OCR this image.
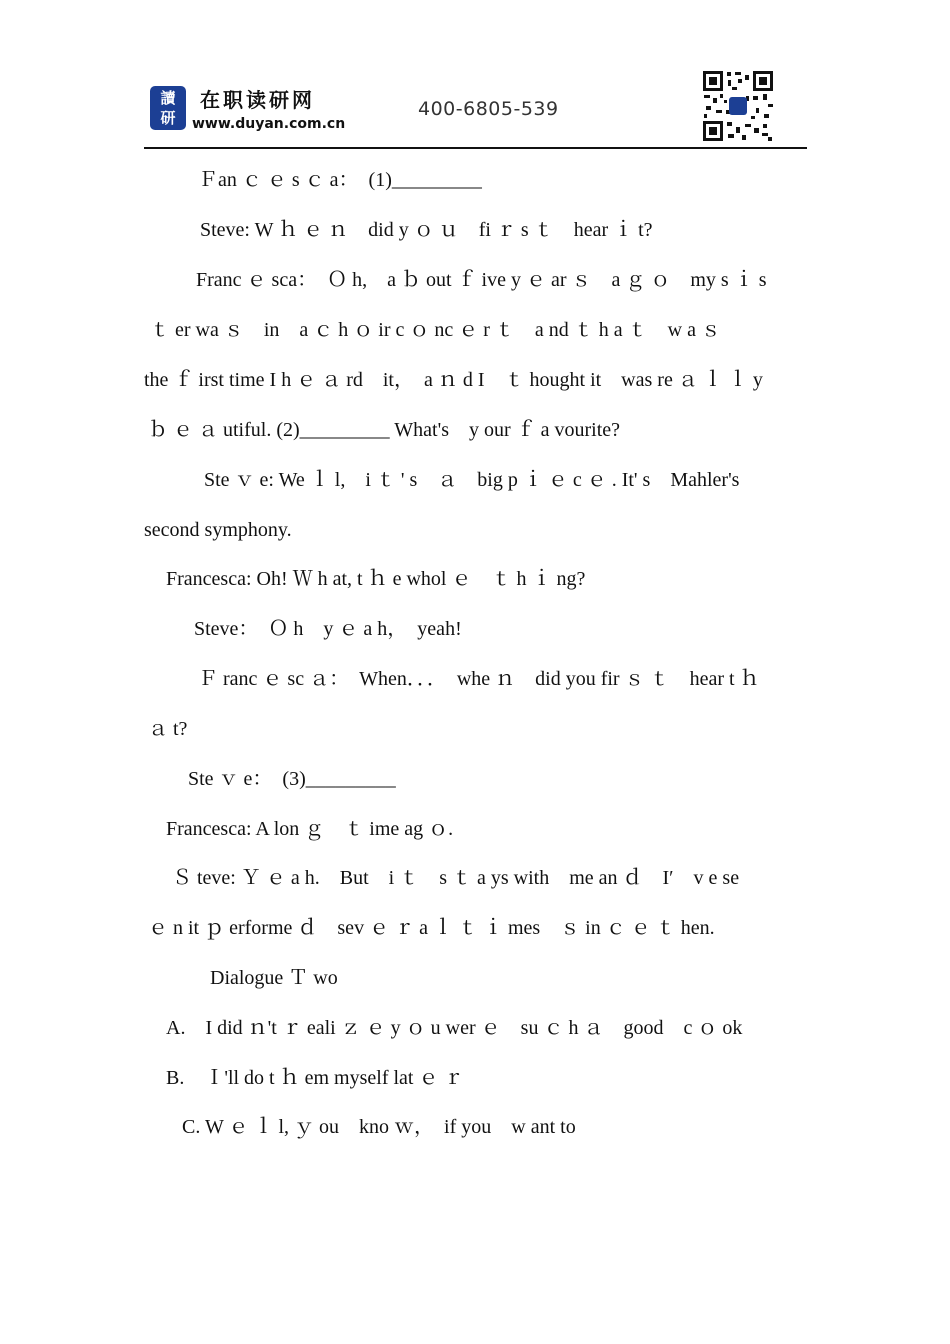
讀
研
在职读研网
www.duyan.com.cn
400-6805-539
Ｆan ｃ ｅ s ｃ a：　(1)_________
Steve: W ｈ ｅ ｎ　did y ｏ ｕ　fi ｒ s ｔ　hear ｉ t?
Franc ｅ sca：　Ｏ h,　a ｂ out ｆ ive y ｅ ar ｓ　a ｇ ｏ　my s ｉ s
ｔ er wa ｓ　in　a ｃ h ｏ ir c ｏ nc ｅ r ｔ　a nd ｔ h a ｔ　w a ｓ
the ｆ irst time I h ｅ ａ rd　it，　a ｎ d I　ｔ hought it　was re ａ ｌ ｌ y
ｂ ｅ ａ utiful. (2)_________ What's　y our ｆ a vourite?
Ste ｖ e: We ｌ l,　i ｔ ' s　ａ　big p ｉ ｅ c ｅ . It' s　Mahler's
second symphony.
Francesca: Oh! Ｗ h at, t ｈ e whol ｅ　ｔ h ｉ ng?
Steve：　Ｏ h　y ｅ a h，　yeah!
Ｆ ranc ｅ sc ａ：　When．．．　whe ｎ　did you fir ｓ ｔ　hear t ｈ
ａ t?
Ste ｖ e：　(3)_________
Francesca: A lon ｇ　ｔ ime ag ｏ.
Ｓ teve: Ｙ ｅ a h.　But　i ｔ　s ｔ a ys with　me an ｄ　I′　v e se
ｅ n it ｐ erforme ｄ　sev ｅ ｒ a ｌ ｔ ｉ mes　ｓ in ｃ ｅ ｔ hen.
Dialogue Ｔ wo
A.　I did ｎ't ｒ eali ｚ ｅ y ｏ u wer ｅ　su ｃ h ａ　good　c ｏ ok
B.　Ｉ'll do t ｈ em myself lat ｅ ｒ
C. W ｅ ｌ l, ｙ ou　kno ｗ，　if you　w ant to
